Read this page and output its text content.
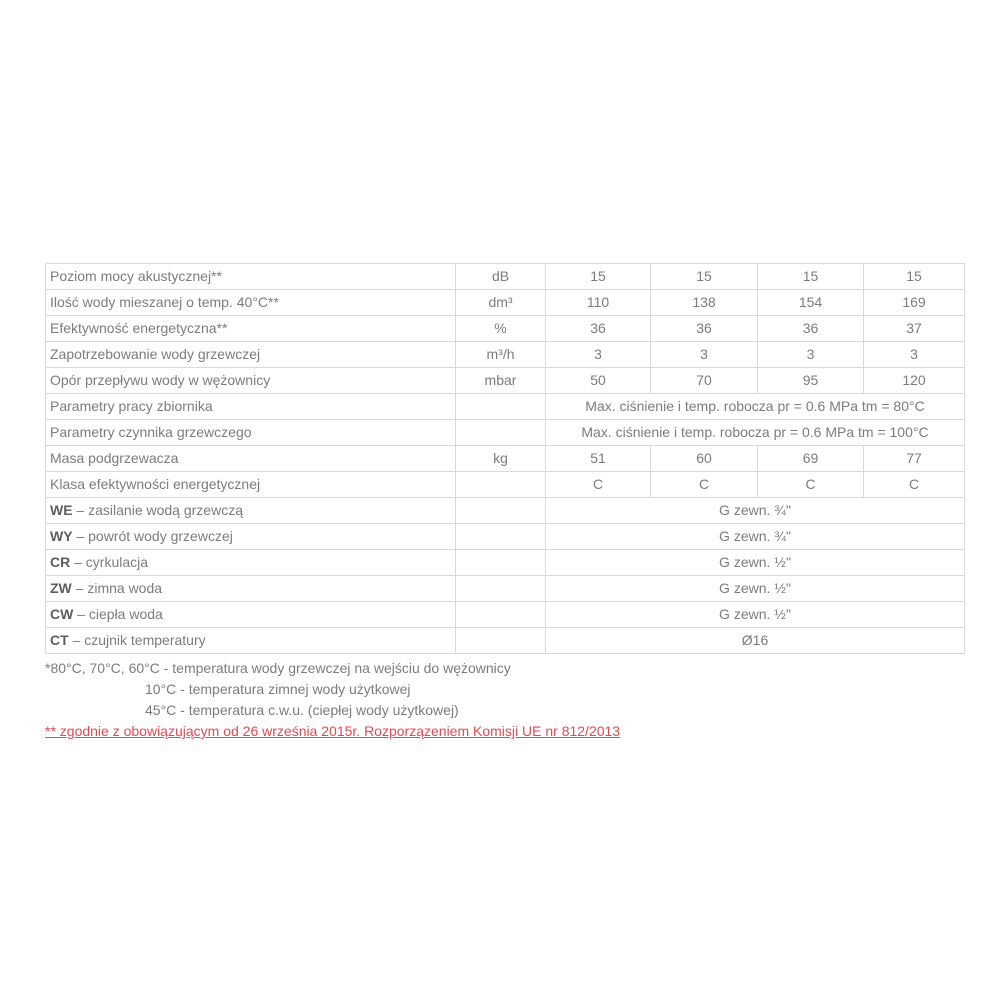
Poziom mocy akustycznej**	dB	15	15	15	15
Ilość wody mieszanej o temp. 40°C**	dm³	110	138	154	169
Efektywność energetyczna**	%	36	36	36	37
Zapotrzebowanie wody grzewczej	m³/h	3	3	3	3
Opór przepływu wody w wężownicy	mbar	50	70	95	120
Parametry pracy zbiornika		Max. ciśnienie i temp. robocza pr = 0.6 MPa tm = 80°C			
Parametry czynnika grzewczego		Max. ciśnienie i temp. robocza pr = 0.6 MPa tm = 100°C			
Masa podgrzewacza	kg	51	60	69	77
Klasa efektywności energetycznej		C	C	C	C
WE – zasilanie wodą grzewczą		G zewn. ¾"			
WY – powrót wody grzewczej		G zewn. ¾"			
CR – cyrkulacja		G zewn. ½"			
ZW – zimna woda		G zewn. ½"			
CW – ciepła woda		G zewn. ½"			
CT – czujnik temperatury		Ø16			
*80°C, 70°C, 60°C - temperatura wody grzewczej na wejściu do wężownicy
10°C - temperatura zimnej wody użytkowej
45°C - temperatura c.w.u. (ciepłej wody użytkowej)
** zgodnie z obowiązującym od 26 września 2015r. Rozporzązeniem Komisji UE nr 812/2013
